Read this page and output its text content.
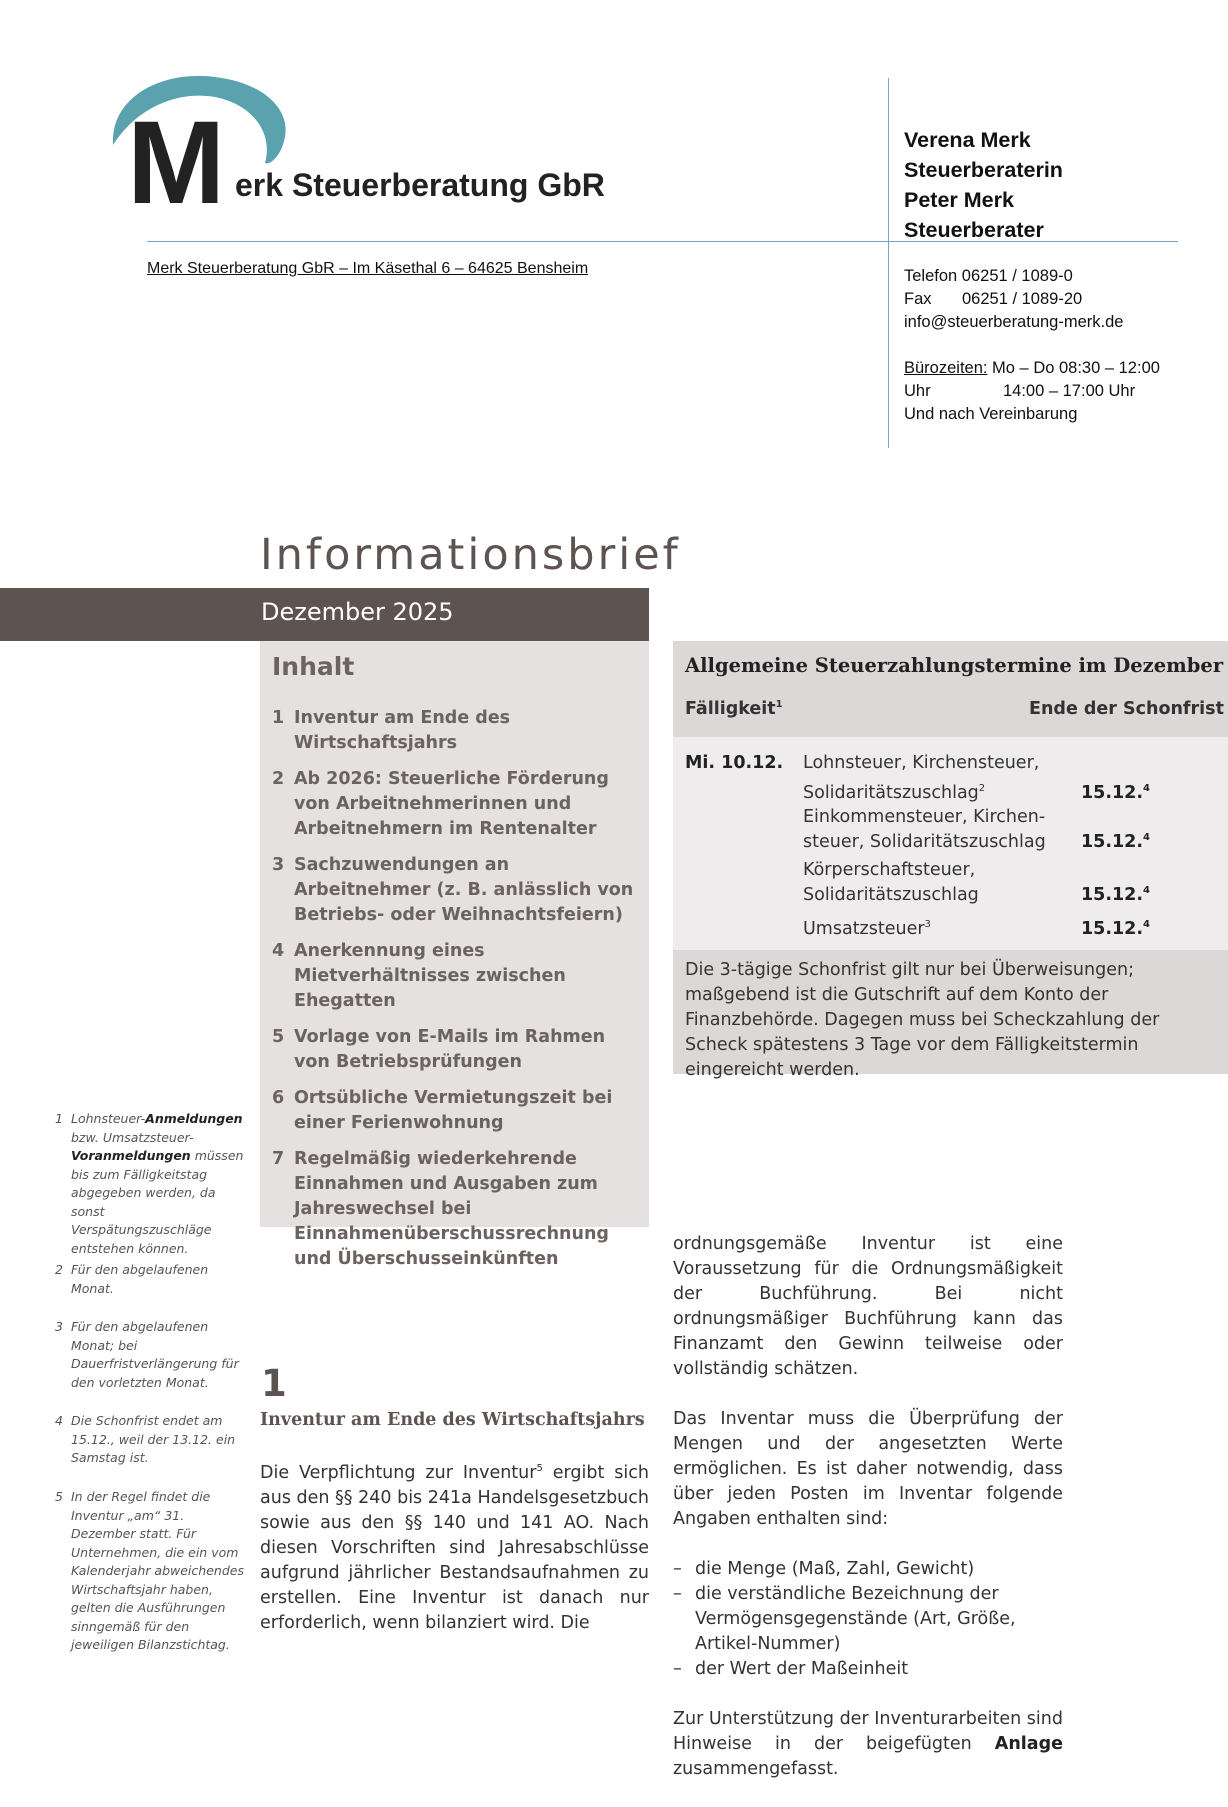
M erk Steuerberatung GbR
Merk Steuerberatung GbR – Im Käsethal 6 – 64625 Bensheim
Verena Merk
Steuerberaterin
Peter Merk
Steuerberater
Telefon 06251 / 1089-0
Fax 06251 / 1089-20
info@steuerberatung-merk.de
Bürozeiten: Mo – Do 08:30 – 12:00
Uhr	14:00 – 17:00 Uhr
Und nach Vereinbarung
Informationsbrief
Dezember 2025
Inhalt
1 Inventur am Ende des Wirtschaftsjahrs
2 Ab 2026: Steuerliche Förderung von Arbeitnehmerinnen und Arbeitnehmern im Rentenalter
3 Sachzuwendungen an Arbeitnehmer (z. B. anlässlich von Betriebs- oder Weihnachtsfeiern)
4 Anerkennung eines Mietverhältnisses zwischen Ehegatten
5 Vorlage von E-Mails im Rahmen von Betriebsprüfungen
6 Ortsübliche Vermietungszeit bei einer Ferienwohnung
7 Regelmäßig wiederkehrende Einnahmen und Ausgaben zum Jahreswechsel bei Einnahmenüberschussrechnung und Überschusseinkünften
Allgemeine Steuerzahlungstermine im Dezember
Fälligkeit$^1$	Ende der Schonfrist
Mi. 10.12. Lohnsteuer, Kirchensteuer,
Solidaritätszuschlag$^2$	15.12.$^4$
Einkommensteuer, Kirchen-
steuer, Solidaritätszuschlag 15.12.$^4$
Körperschaftsteuer,
Solidaritätszuschlag	15.12.$^4$
Umsatzsteuer$^3$	15.12.$^4$
Die 3-tägige Schonfrist gilt nur bei Überweisungen; maßgebend ist die Gutschrift auf dem Konto der Finanzbehörde. Dagegen muss bei Scheckzahlung der Scheck spätestens 3 Tage vor dem Fälligkeitstermin eingereicht werden.
1 Lohnsteuer-Anmeldungen bzw. Umsatzsteuer-Voranmeldungen müssen bis zum Fälligkeitstag abgegeben werden, da sonst Verspätungszuschläge entstehen können.
2 Für den abgelaufenen Monat.
3 Für den abgelaufenen Monat; bei Dauerfristverlängerung für den vorletzten Monat.
4 Die Schonfrist endet am 15.12., weil der 13.12. ein Samstag ist.
5 In der Regel findet die Inventur „am“ 31. Dezember statt. Für Unternehmen, die ein vom Kalenderjahr abweichendes Wirtschaftsjahr haben, gelten die Ausführungen sinngemäß für den jeweiligen Bilanzstichtag.
1
Inventur am Ende des Wirtschaftsjahrs
Die Verpflichtung zur Inventur$^5$ ergibt sich aus den §§ 240 bis 241a Handelsgesetzbuch sowie aus den §§ 140 und 141 AO. Nach diesen Vorschriften sind Jahresabschlüsse aufgrund jährlicher Bestandsaufnahmen zu erstellen. Eine Inventur ist danach nur erforderlich, wenn bilanziert wird. Die

ordnungsgemäße Inventur ist eine Voraussetzung für die Ordnungsmäßigkeit der Buchführung. Bei nicht ordnungsmäßiger Buchführung kann das Finanzamt den Gewinn teilweise oder vollständig schätzen.

Das Inventar muss die Überprüfung der Mengen und der angesetzten Werte ermöglichen. Es ist daher notwendig, dass über jeden Posten im Inventar folgende Angaben enthalten sind:

– die Menge (Maß, Zahl, Gewicht)
– die verständliche Bezeichnung der Vermögensgegenstände (Art, Größe, Artikel-Nummer)
– der Wert der Maßeinheit

Zur Unterstützung der Inventurarbeiten sind Hinweise in der beigefügten Anlage zusammengefasst.
